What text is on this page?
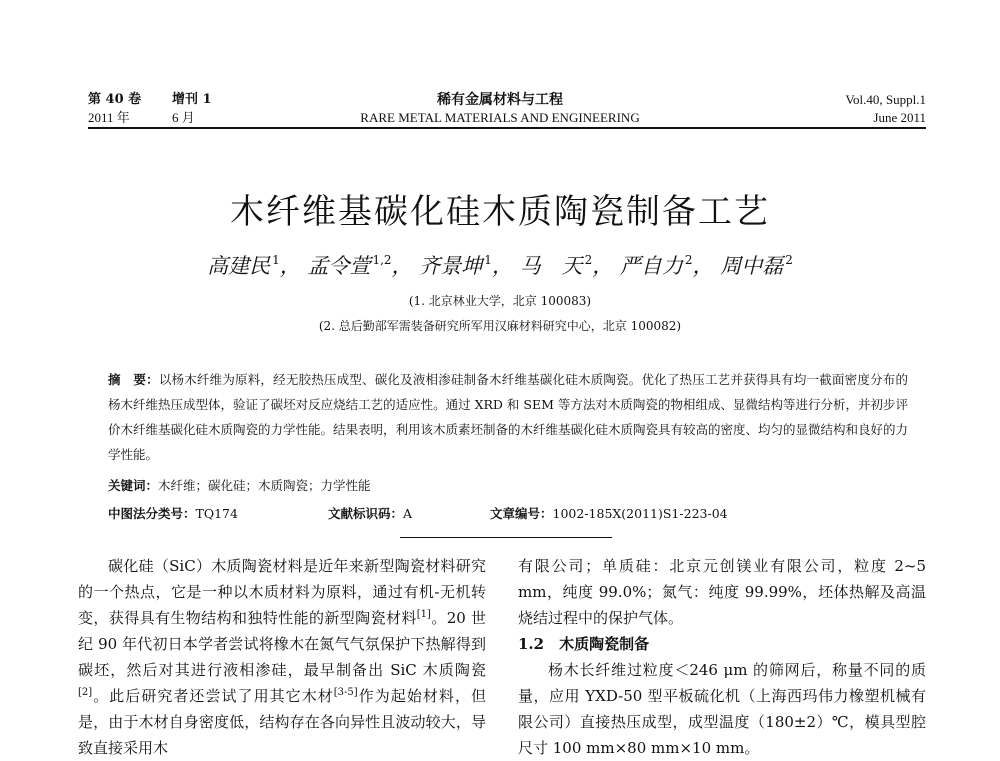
第 40 卷 增刊 1
2011 年	6 月
稀有金属材料与工程
RARE METAL MATERIALS AND ENGINEERING
Vol.40, Suppl.1
June 2011
木纤维基碳化硅木质陶瓷制备工艺
高建民 $^1$， 孟令萱 $^{1,2}$， 齐景坤 $^1$， 马　天 $^2$， 严自力 $^2$， 周中磊 $^2$
(1. 北京林业大学，北京 100083)
(2. 总后勤部军需装备研究所军用汉麻材料研究中心，北京 100082)
摘　要：以杨木纤维为原料，经无胶热压成型、碳化及液相渗硅制备木纤维基碳化硅木质陶瓷。优化了热压工艺并获得具有均一截面密度分布的杨木纤维热压成型体，验证了碳坯对反应烧结工艺的适应性。通过 XRD 和 SEM 等方法对木质陶瓷的物相组成、显微结构等进行分析，并初步评价木纤维基碳化硅木质陶瓷的力学性能。结果表明，利用该木质素坯制备的木纤维基碳化硅木质陶瓷具有较高的密度、均匀的显微结构和良好的力学性能。
关键词：木纤维；碳化硅；木质陶瓷；力学性能
中图法分类号：TQ174	文献标识码：A	文章编号：1002-185X(2011)S1-223-04

碳化硅（SiC）木质陶瓷材料是近年来新型陶瓷材料研究的一个热点，它是一种以木质材料为原料，通过有机-无机转变，获得具有生物结构和独特性能的新型陶瓷材料[1]。20 世纪 90 年代初日本学者尝试将橡木在氮气气氛保护下热解得到碳坯，然后对其进行液相渗硅，最早制备出 SiC 木质陶瓷[2]。此后研究者还尝试了用其它木材[3-5]作为起始材料，但是，由于木材自身密度低，结构存在各向异性且波动较大，导致直接采用木

有限公司；单质硅：北京元创镁业有限公司，粒度 2~5 mm，纯度 99.0%；氮气：纯度 99.99%，坯体热解及高温烧结过程中的保护气体。

1.2　木质陶瓷制备

杨木长纤维过粒度＜246 μm 的筛网后，称量不同的质量，应用 YXD-50 型平板硫化机（上海西玛伟力橡塑机械有限公司）直接热压成型，成型温度（180±2）℃，模具型腔尺寸 100 mm×80 mm×10 mm。
